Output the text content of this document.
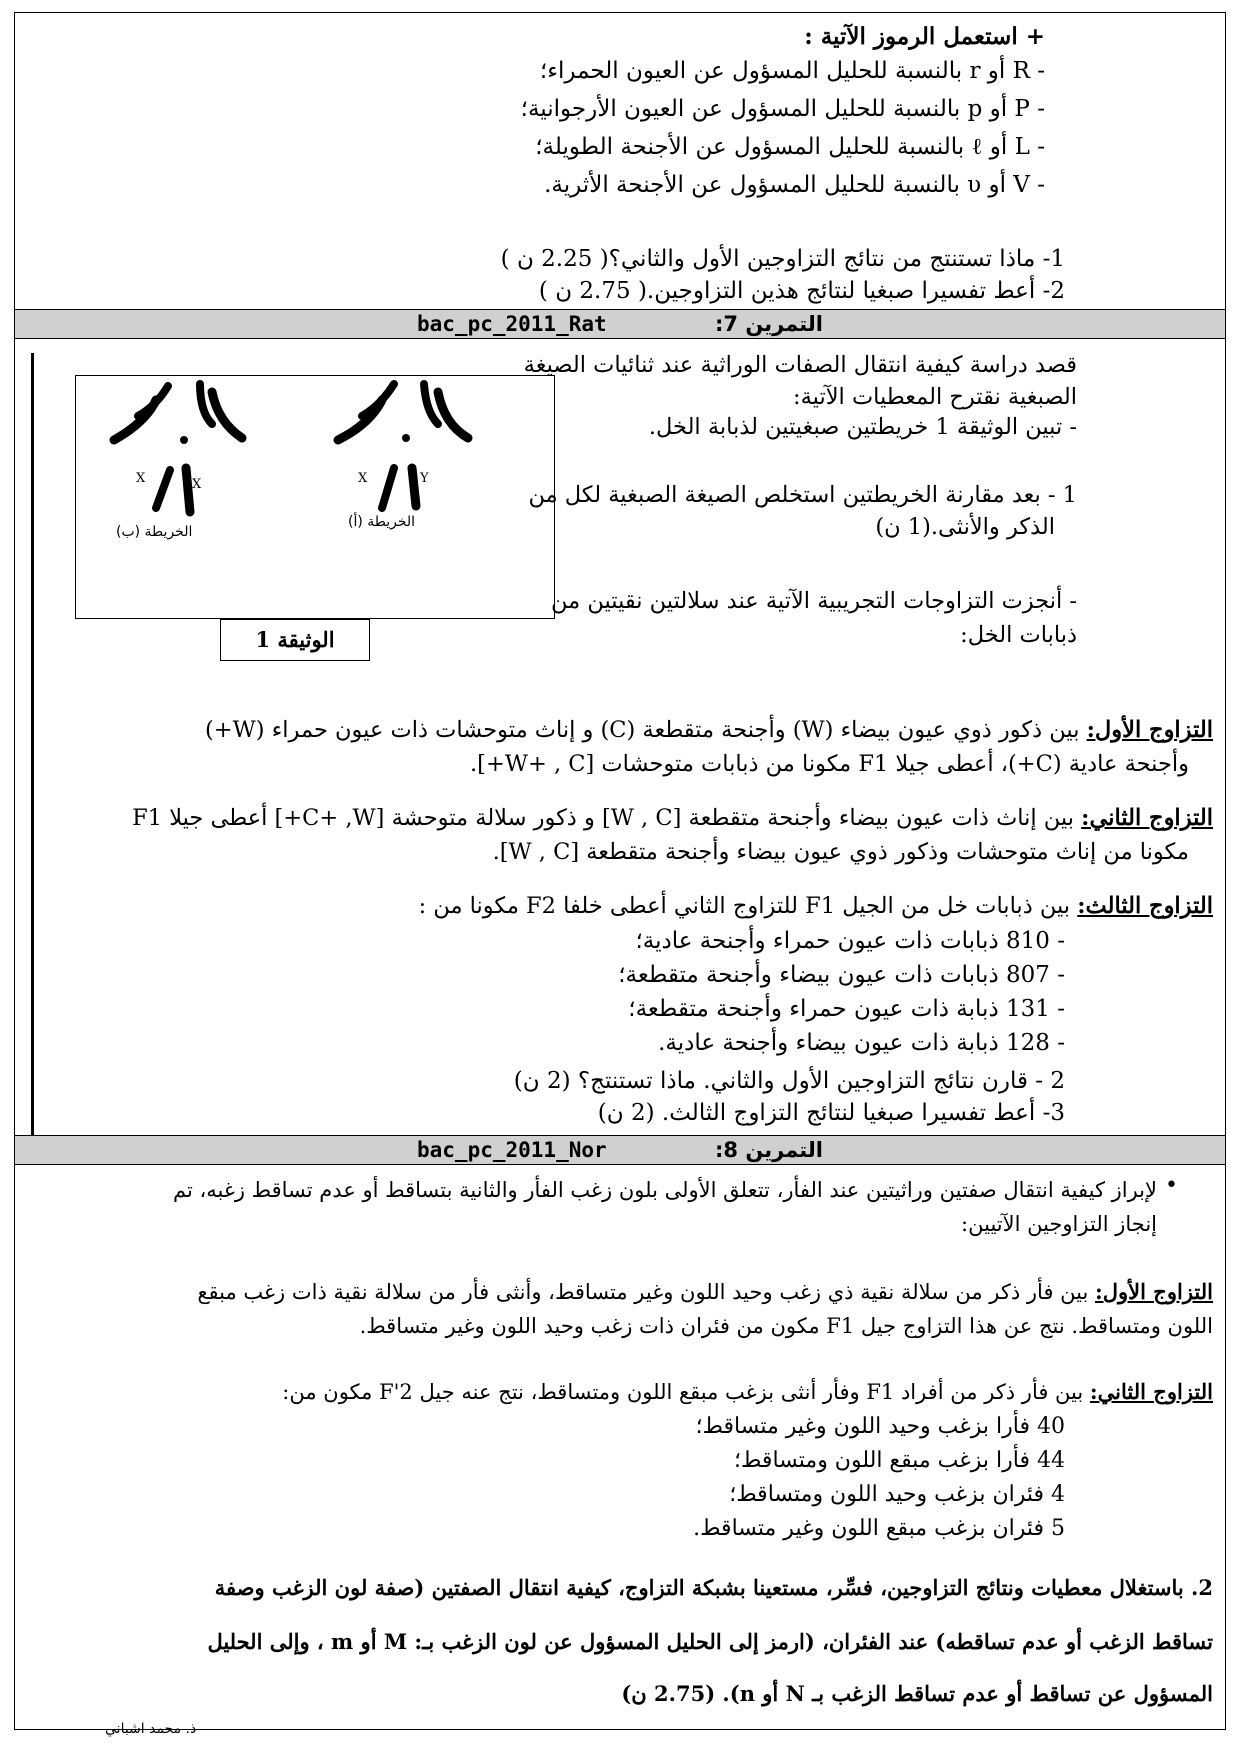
+ استعمل الرموز الآتية :
- R أو r بالنسبة للحليل المسؤول عن العيون الحمراء؛
- P أو p بالنسبة للحليل المسؤول عن العيون الأرجوانية؛
- L أو ℓ بالنسبة للحليل المسؤول عن الأجنحة الطويلة؛
- V أو υ بالنسبة للحليل المسؤول عن الأجنحة الأثرية.
1- ماذا تستنتج من نتائج التزاوجين الأول والثاني؟( 2.25 ن )
2- أعط تفسيرا صبغيا لنتائج هذين التزاوجين.( 2.75 ن )
bac_pc_2011_Rat	التمرين 7:
قصد دراسة كيفية انتقال الصفات الوراثية عند ثنائيات الصيغة
الصبغية نقترح المعطيات الآتية:
- تبين الوثيقة 1 خريطتين صبغيتين لذبابة الخل.
1 - بعد مقارنة الخريطتين استخلص الصيغة الصبغية لكل من
الذكر والأنثى.(1 ن)
- أنجزت التزاوجات التجريبية الآتية عند سلالتين نقيتين من
ذبابات الخل:
X	X	X	Y
الخريطة (ب)
الخريطة (أ)
الوثيقة 1
التزاوج الأول: بين ذكور ذوي عيون بيضاء (W) وأجنحة متقطعة (C) و إناث متوحشات ذات عيون حمراء (W+)
وأجنحة عادية (C+)، أعطى جيلا F1 مكونا من ذبابات متوحشات [W+ , C+].
التزاوج الثاني: بين إناث ذات عيون بيضاء وأجنحة متقطعة [W , C] و ذكور سلالة متوحشة [C+ ,W+] أعطى جيلا F1
مكونا من إناث متوحشات وذكور ذوي عيون بيضاء وأجنحة متقطعة [W , C].
التزاوج الثالث: بين ذبابات خل من الجيل F1 للتزاوج الثاني أعطى خلفا F2 مكونا من :
- 810 ذبابات ذات عيون حمراء وأجنحة عادية؛
- 807 ذبابات ذات عيون بيضاء وأجنحة متقطعة؛
- 131 ذبابة ذات عيون حمراء وأجنحة متقطعة؛
- 128 ذبابة ذات عيون بيضاء وأجنحة عادية.
2 - قارن نتائج التزاوجين الأول والثاني. ماذا تستنتج؟ (2 ن)
3- أعط تفسيرا صبغيا لنتائج التزاوج الثالث. (2 ن)
bac_pc_2011_Nor	التمرين 8:
•
لإبراز كيفية انتقال صفتين وراثيتين عند الفأر، تتعلق الأولى بلون زغب الفأر والثانية بتساقط أو عدم تساقط زغبه، تم
إنجاز التزاوجين الآتيين:
التزاوج الأول: بين فأر ذكر من سلالة نقية ذي زغب وحيد اللون وغير متساقط، وأنثى فأر من سلالة نقية ذات زغب مبقع
اللون ومتساقط. نتج عن هذا التزاوج جيل F1 مكون من فئران ذات زغب وحيد اللون وغير متساقط.
التزاوج الثاني: بين فأر ذكر من أفراد F1 وفأر أنثى بزغب مبقع اللون ومتساقط، نتج عنه جيل F'2 مكون من:
40 فأرا بزغب وحيد اللون وغير متساقط؛
44 فأرا بزغب مبقع اللون ومتساقط؛
4 فئران بزغب وحيد اللون ومتساقط؛
5 فئران بزغب مبقع اللون وغير متساقط.
2. باستغلال معطيات ونتائج التزاوجين، فسِّر، مستعينا بشبكة التزاوج، كيفية انتقال الصفتين (صفة لون الزغب وصفة
تساقط الزغب أو عدم تساقطه) عند الفئران، (ارمز إلى الحليل المسؤول عن لون الزغب بـ: M أو m ، وإلى الحليل
المسؤول عن تساقط أو عدم تساقط الزغب بـ N أو n). (2.75 ن)
ذ. محمد اشباني
